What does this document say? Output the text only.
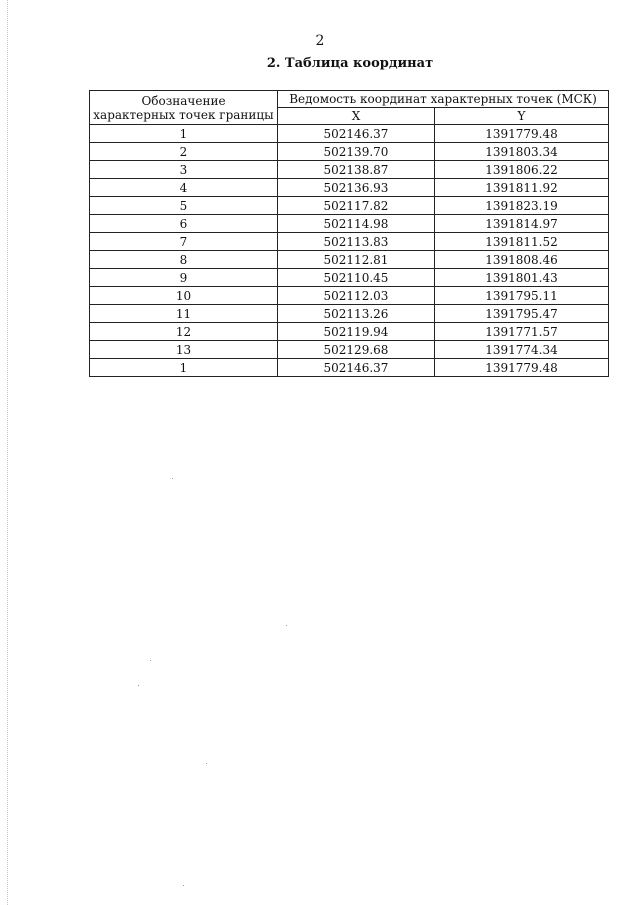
2
2. Таблица координат
Обозначение
характерных точек границы	Ведомость координат характерных точек (МСК)	
	X	Y
1	502146.37	1391779.48
2	502139.70	1391803.34
3	502138.87	1391806.22
4	502136.93	1391811.92
5	502117.82	1391823.19
6	502114.98	1391814.97
7	502113.83	1391811.52
8	502112.81	1391808.46
9	502110.45	1391801.43
10	502112.03	1391795.11
11	502113.26	1391795.47
12	502119.94	1391771.57
13	502129.68	1391774.34
1	502146.37	1391779.48
